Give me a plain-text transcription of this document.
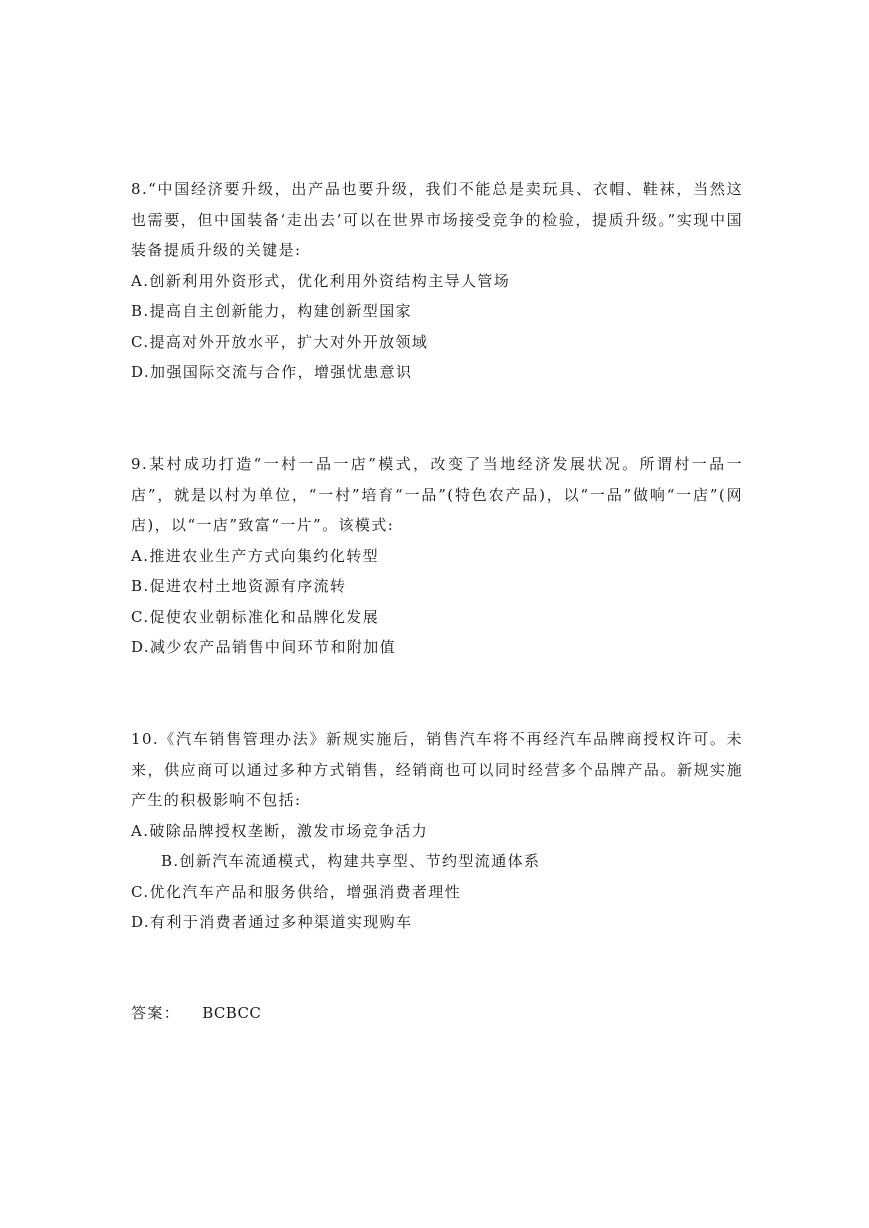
8.“中国经济要升级，出产品也要升级，我们不能总是卖玩具、衣帽、鞋袜，当然这也需要，但中国装备‘走出去’可以在世界市场接受竞争的检验，提质升级。”实现中国装备提质升级的关键是:

A.创新利用外资形式，优化利用外资结构主导人管场

B.提高自主创新能力，构建创新型国家

C.提高对外开放水平，扩大对外开放领域

D.加强国际交流与合作，增强忧患意识

9.某村成功打造“一村一品一店”模式，改变了当地经济发展状况。所谓村一品一店”，就是以村为单位，“一村”培育“一品”(特色农产品)，以“一品”做响“一店”(网店)，以“一店”致富“一片”。该模式:

A.推进农业生产方式向集约化转型

B.促进农村土地资源有序流转

C.促使农业朝标准化和品牌化发展

D.减少农产品销售中间环节和附加值

10.《汽车销售管理办法》新规实施后，销售汽车将不再经汽车品牌商授权许可。未来，供应商可以通过多种方式销售，经销商也可以同时经营多个品牌产品。新规实施产生的积极影响不包括:

A.破除品牌授权垄断，激发市场竞争活力

B.创新汽车流通模式，构建共享型、节约型流通体系

C.优化汽车产品和服务供给，增强消费者理性

D.有利于消费者通过多种渠道实现购车

答案： BCBCC
